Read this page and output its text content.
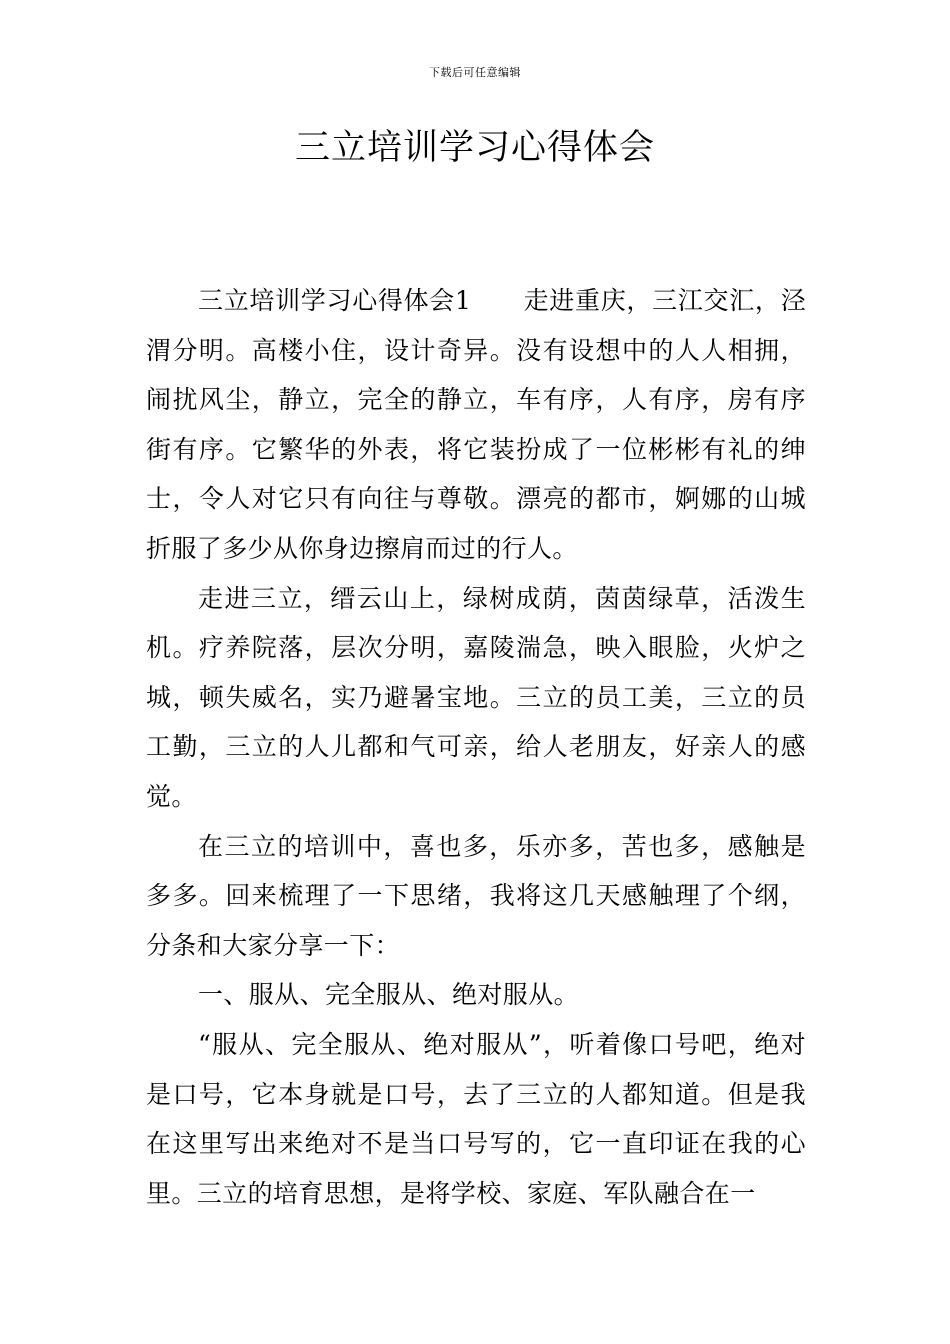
下载后可任意编辑
三立培训学习心得体会

三立培训学习心得体会1 走进重庆，三江交汇，泾渭分明。高楼小住，设计奇异。没有设想中的人人相拥，闹扰风尘，静立，完全的静立，车有序，人有序，房有序街有序。它繁华的外表，将它装扮成了一位彬彬有礼的绅士，令人对它只有向往与尊敬。漂亮的都市，婀娜的山城折服了多少从你身边擦肩而过的行人。

走进三立，缙云山上，绿树成荫，茵茵绿草，活泼生机。疗养院落，层次分明，嘉陵湍急，映入眼脸，火炉之城，顿失威名，实乃避暑宝地。三立的员工美，三立的员工勤，三立的人儿都和气可亲，给人老朋友，好亲人的感觉。

在三立的培训中，喜也多，乐亦多，苦也多，感触是多多。回来梳理了一下思绪，我将这几天感触理了个纲，分条和大家分享一下：

一、服从、完全服从、绝对服从。

“服从、完全服从、绝对服从”，听着像口号吧，绝对是口号，它本身就是口号，去了三立的人都知道。但是我在这里写出来绝对不是当口号写的，它一直印证在我的心里。三立的培育思想，是将学校、家庭、军队融合在一
